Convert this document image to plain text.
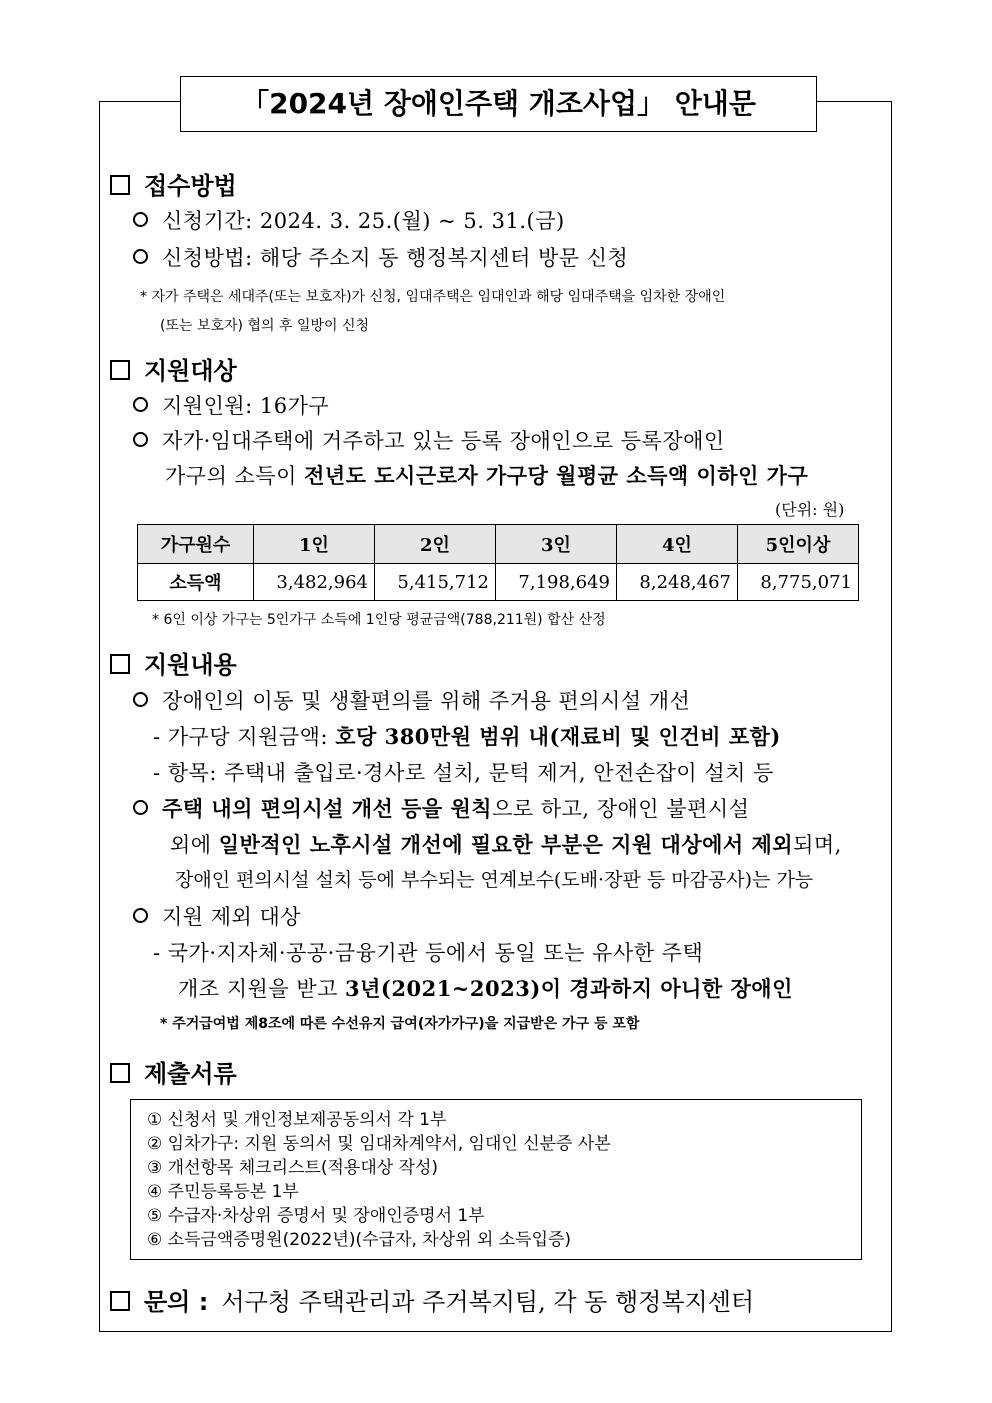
「2024년 장애인주택 개조사업」 안내문
접수방법
신청기간: 2024. 3. 25.(월) ~ 5. 31.(금)
신청방법: 해당 주소지 동 행정복지센터 방문 신청
* 자가 주택은 세대주(또는 보호자)가 신청, 임대주택은 임대인과 해당 임대주택을 임차한 장애인
(또는 보호자) 협의 후 일방이 신청
지원대상
지원인원: 16가구
자가·임대주택에 거주하고 있는 등록 장애인으로 등록장애인
가구의 소득이 전년도 도시근로자 가구당 월평균 소득액 이하인 가구
(단위: 원)
가구원수	1인	2인	3인	4인	5인이상
소득액	3,482,964	5,415,712	7,198,649	8,248,467	8,775,071
* 6인 이상 가구는 5인가구 소득에 1인당 평균금액(788,211원) 합산 산정
지원내용
장애인의 이동 및 생활편의를 위해 주거용 편의시설 개선
- 가구당 지원금액: 호당 380만원 범위 내(재료비 및 인건비 포함)
- 항목: 주택내 출입로·경사로 설치, 문턱 제거, 안전손잡이 설치 등
주택 내의 편의시설 개선 등을 원칙으로 하고, 장애인 불편시설
외에 일반적인 노후시설 개선에 필요한 부분은 지원 대상에서 제외되며,
장애인 편의시설 설치 등에 부수되는 연계보수(도배·장판 등 마감공사)는 가능
지원 제외 대상
- 국가·지자체·공공·금융기관 등에서 동일 또는 유사한 주택
개조 지원을 받고 3년(2021~2023)이 경과하지 아니한 장애인
* 주거급여법 제8조에 따른 수선유지 급여(자가가구)을 지급받은 가구 등 포함
제출서류
① 신청서 및 개인정보제공동의서 각 1부
② 임차가구: 지원 동의서 및 임대차계약서, 임대인 신분증 사본
③ 개선항목 체크리스트(적용대상 작성)
④ 주민등록등본 1부
⑤ 수급자·차상위 증명서 및 장애인증명서 1부
⑥ 소득금액증명원(2022년)(수급자, 차상위 외 소득입증)
문의 : 서구청 주택관리과 주거복지팀, 각 동 행정복지센터
